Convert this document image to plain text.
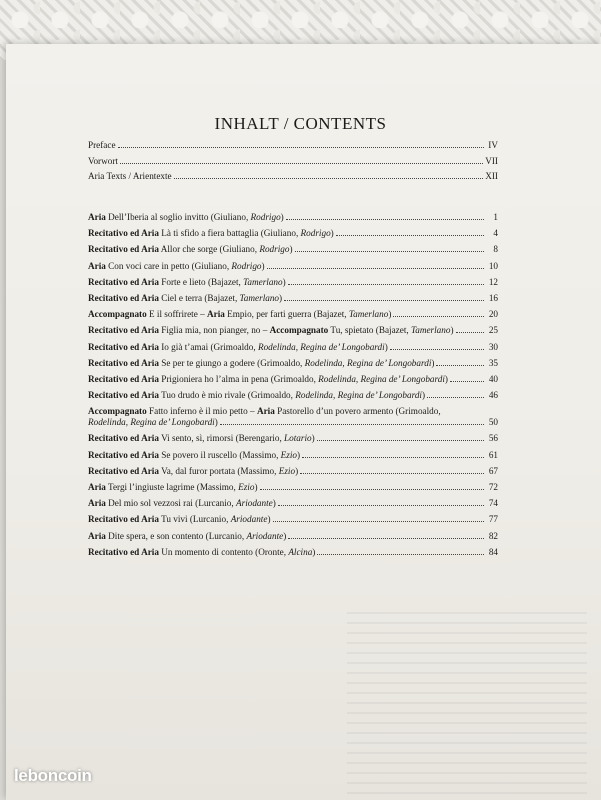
INHALT / CONTENTS
Preface	IV
Vorwort	VII
Aria Texts / Arientexte	XII
Aria Dell’Iberia al soglio invitto (Giuliano, Rodrigo)	1
Recitativo ed Aria Là ti sfido a fiera battaglia (Giuliano, Rodrigo)	4
Recitativo ed Aria Allor che sorge (Giuliano, Rodrigo)	8
Aria Con voci care in petto (Giuliano, Rodrigo)	10
Recitativo ed Aria Forte e lieto (Bajazet, Tamerlano)	12
Recitativo ed Aria Ciel e terra (Bajazet, Tamerlano)	16
Accompagnato E il soffrirete – Aria Empio, per farti guerra (Bajazet, Tamerlano)	20
Recitativo ed Aria Figlia mia, non pianger, no – Accompagnato Tu, spietato (Bajazet, Tamerlano)	25
Recitativo ed Aria Io già t’amai (Grimoaldo, Rodelinda, Regina de’ Longobardi)	30
Recitativo ed Aria Se per te giungo a godere (Grimoaldo, Rodelinda, Regina de’ Longobardi)	35
Recitativo ed Aria Prigioniera ho l’alma in pena (Grimoaldo, Rodelinda, Regina de’ Longobardi)	40
Recitativo ed Aria Tuo drudo è mio rivale (Grimoaldo, Rodelinda, Regina de’ Longobardi)	46
Accompagnato Fatto inferno è il mio petto – Aria Pastorello d’un povero armento (Grimoaldo,
Rodelinda, Regina de’ Longobardi)	50
Recitativo ed Aria Vi sento, sì, rimorsi (Berengario, Lotario)	56
Recitativo ed Aria Se povero il ruscello (Massimo, Ezio)	61
Recitativo ed Aria Va, dal furor portata (Massimo, Ezio)	67
Aria Tergi l’ingiuste lagrime (Massimo, Ezio)	72
Aria Del mio sol vezzosi rai (Lurcanio, Ariodante)	74
Recitativo ed Aria Tu vivi (Lurcanio, Ariodante)	77
Aria Dite spera, e son contento (Lurcanio, Ariodante)	82
Recitativo ed Aria Un momento di contento (Oronte, Alcina)	84
leboncoin
